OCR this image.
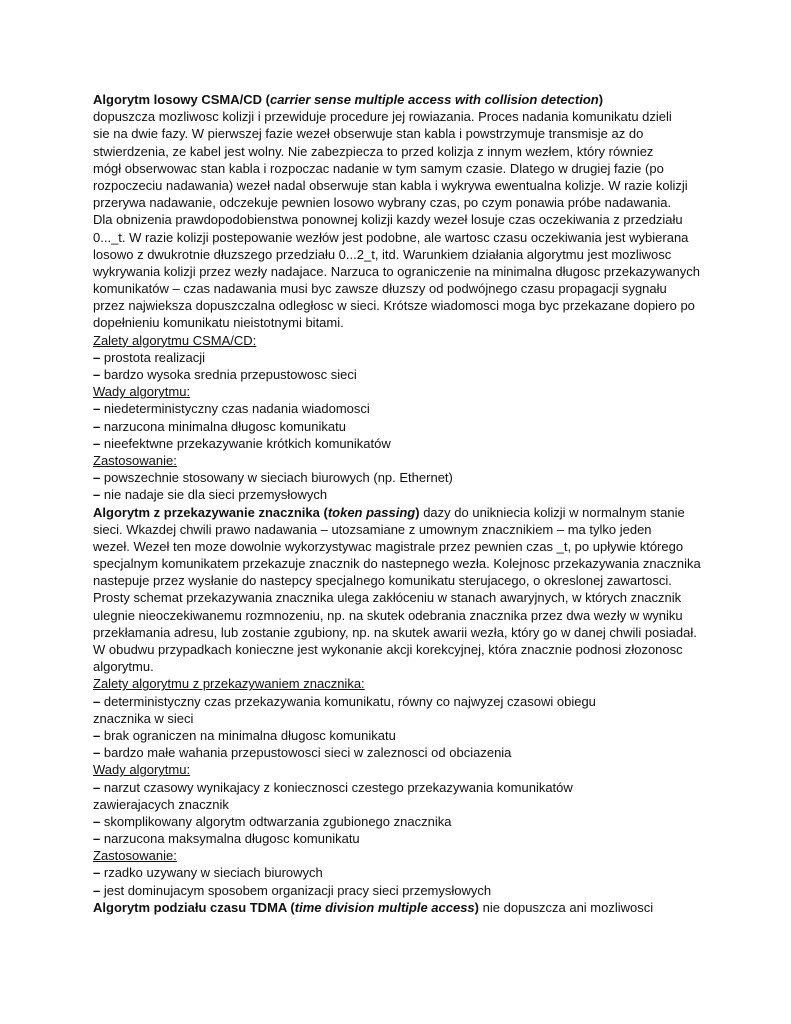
Algorytm losowy CSMA/CD (carrier sense multiple access with collision detection)
dopuszcza mozliwosc kolizji i przewiduje procedure jej rowiazania. Proces nadania komunikatu dzieli
sie na dwie fazy. W pierwszej fazie wezeł obserwuje stan kabla i powstrzymuje transmisje az do
stwierdzenia, ze kabel jest wolny. Nie zabezpiecza to przed kolizja z innym wezłem, który równiez
mógł obserwowac stan kabla i rozpoczac nadanie w tym samym czasie. Dlatego w drugiej fazie (po
rozpoczeciu nadawania) wezeł nadal obserwuje stan kabla i wykrywa ewentualna kolizje. W razie kolizji
przerywa nadawanie, odczekuje pewnien losowo wybrany czas, po czym ponawia próbe nadawania.
Dla obnizenia prawdopodobienstwa ponownej kolizji kazdy wezeł losuje czas oczekiwania z przedziału
0..._t. W razie kolizji postepowanie wezłów jest podobne, ale wartosc czasu oczekiwania jest wybierana
losowo z dwukrotnie dłuzszego przedziału 0...2_t, itd. Warunkiem działania algorytmu jest mozliwosc
wykrywania kolizji przez wezły nadajace. Narzuca to ograniczenie na minimalna długosc przekazywanych
komunikatów – czas nadawania musi byc zawsze dłuzszy od podwójnego czasu propagacji sygnału
przez najwieksza dopuszczalna odległosc w sieci. Krótsze wiadomosci moga byc przekazane dopiero po
dopełnieniu komunikatu nieistotnymi bitami.
Zalety algorytmu CSMA/CD:
– prostota realizacji
– bardzo wysoka srednia przepustowosc sieci
Wady algorytmu:
– niedeterministyczny czas nadania wiadomosci
– narzucona minimalna długosc komunikatu
– nieefektwne przekazywanie krótkich komunikatów
Zastosowanie:
– powszechnie stosowany w sieciach biurowych (np. Ethernet)
– nie nadaje sie dla sieci przemysłowych
Algorytm z przekazywanie znacznika (token passing) dazy do unikniecia kolizji w normalnym stanie
sieci. Wkazdej chwili prawo nadawania – utozsamiane z umownym znacznikiem – ma tylko jeden
wezeł. Wezeł ten moze dowolnie wykorzystywac magistrale przez pewnien czas _t, po upływie którego
specjalnym komunikatem przekazuje znacznik do nastepnego wezła. Kolejnosc przekazywania znacznika
nastepuje przez wysłanie do nastepcy specjalnego komunikatu sterujacego, o okreslonej zawartosci.
Prosty schemat przekazywania znacznika ulega zakłóceniu w stanach awaryjnych, w których znacznik
ulegnie nieoczekiwanemu rozmnozeniu, np. na skutek odebrania znacznika przez dwa wezły w wyniku
przekłamania adresu, lub zostanie zgubiony, np. na skutek awarii wezła, który go w danej chwili posiadał.
W obudwu przypadkach konieczne jest wykonanie akcji korekcyjnej, która znacznie podnosi złozonosc
algorytmu.
Zalety algorytmu z przekazywaniem znacznika:
– deterministyczny czas przekazywania komunikatu, równy co najwyzej czasowi obiegu
znacznika w sieci
– brak ograniczen na minimalna długosc komunikatu
– bardzo małe wahania przepustowosci sieci w zaleznosci od obciazenia
Wady algorytmu:
– narzut czasowy wynikajacy z koniecznosci czestego przekazywania komunikatów
zawierajacych znacznik
– skomplikowany algorytm odtwarzania zgubionego znacznika
– narzucona maksymalna długosc komunikatu
Zastosowanie:
– rzadko uzywany w sieciach biurowych
– jest dominujacym sposobem organizacji pracy sieci przemysłowych
Algorytm podziału czasu TDMA (time division multiple access) nie dopuszcza ani mozliwosci
